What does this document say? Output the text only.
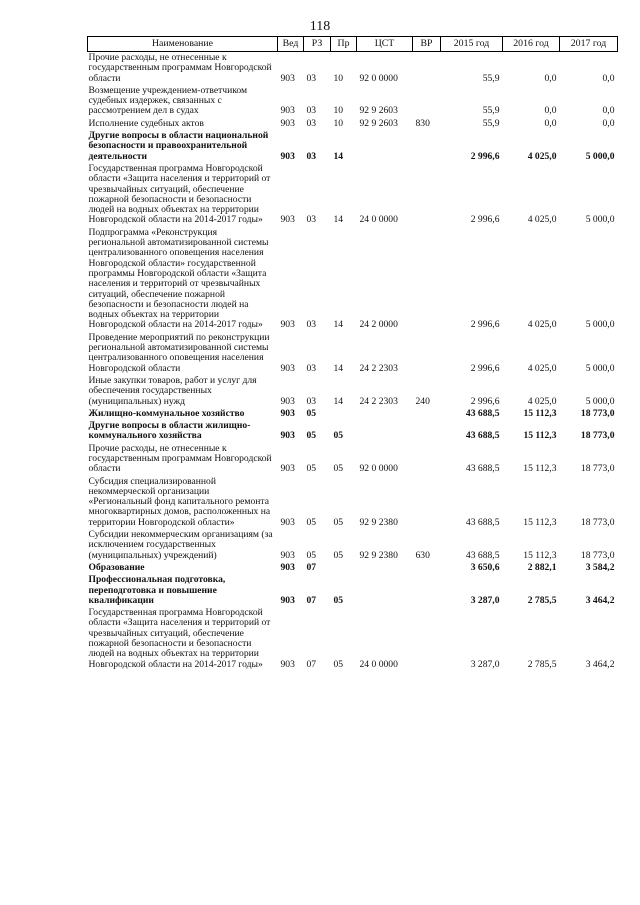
118
Наименование	Вед	РЗ	Пр	ЦСТ	ВР	2015 год	2016 год	2017 год
Прочие расходы, не отнесенные к государственным программам Новгородской области	903	03	10	92 0 0000		55,9	0,0	0,0
Возмещение учреждением-ответчиком судебных издержек, связанных с рассмотрением дел в судах	903	03	10	92 9 2603		55,9	0,0	0,0
Исполнение судебных актов	903	03	10	92 9 2603	830	55,9	0,0	0,0
Другие вопросы в области национальной безопасности и правоохранительной деятельности	903	03	14			2 996,6	4 025,0	5 000,0
Государственная программа Новгородской области «Защита населения и территорий от чрезвычайных ситуаций, обеспечение пожарной безопасности и безопасности людей на водных объектах на территории Новгородской области на 2014-2017 годы»	903	03	14	24 0 0000		2 996,6	4 025,0	5 000,0
Подпрограмма «Реконструкция региональной автоматизированной системы централизованного оповещения населения Новгородской области» государственной программы Новгородской области «Защита населения и территорий от чрезвычайных ситуаций, обеспечение пожарной безопасности и безопасности людей на водных объектах на территории Новгородской области на 2014-2017 годы»	903	03	14	24 2 0000		2 996,6	4 025,0	5 000,0
Проведение мероприятий по реконструкции региональной автоматизированной системы централизованного оповещения населения Новгородской области	903	03	14	24 2 2303		2 996,6	4 025,0	5 000,0
Иные закупки товаров, работ и услуг для обеспечения государственных (муниципальных) нужд	903	03	14	24 2 2303	240	2 996,6	4 025,0	5 000,0
Жилищно-коммунальное хозяйство	903	05				43 688,5	15 112,3	18 773,0
Другие вопросы в области жилищно-коммунального хозяйства	903	05	05			43 688,5	15 112,3	18 773,0
Прочие расходы, не отнесенные к государственным программам Новгородской области	903	05	05	92 0 0000		43 688,5	15 112,3	18 773,0
Субсидия специализированной некоммерческой организации «Региональный фонд капитального ремонта многоквартирных домов, расположенных на территории Новгородской области»	903	05	05	92 9 2380		43 688,5	15 112,3	18 773,0
Субсидии некоммерческим организациям (за исключением государственных (муниципальных) учреждений)	903	05	05	92 9 2380	630	43 688,5	15 112,3	18 773,0
Образование	903	07				3 650,6	2 882,1	3 584,2
Профессиональная подготовка, переподготовка и повышение квалификации	903	07	05			3 287,0	2 785,5	3 464,2
Государственная программа Новгородской области «Защита населения и территорий от чрезвычайных ситуаций, обеспечение пожарной безопасности и безопасности людей на водных объектах на территории Новгородской области на 2014-2017 годы»	903	07	05	24 0 0000		3 287,0	2 785,5	3 464,2
